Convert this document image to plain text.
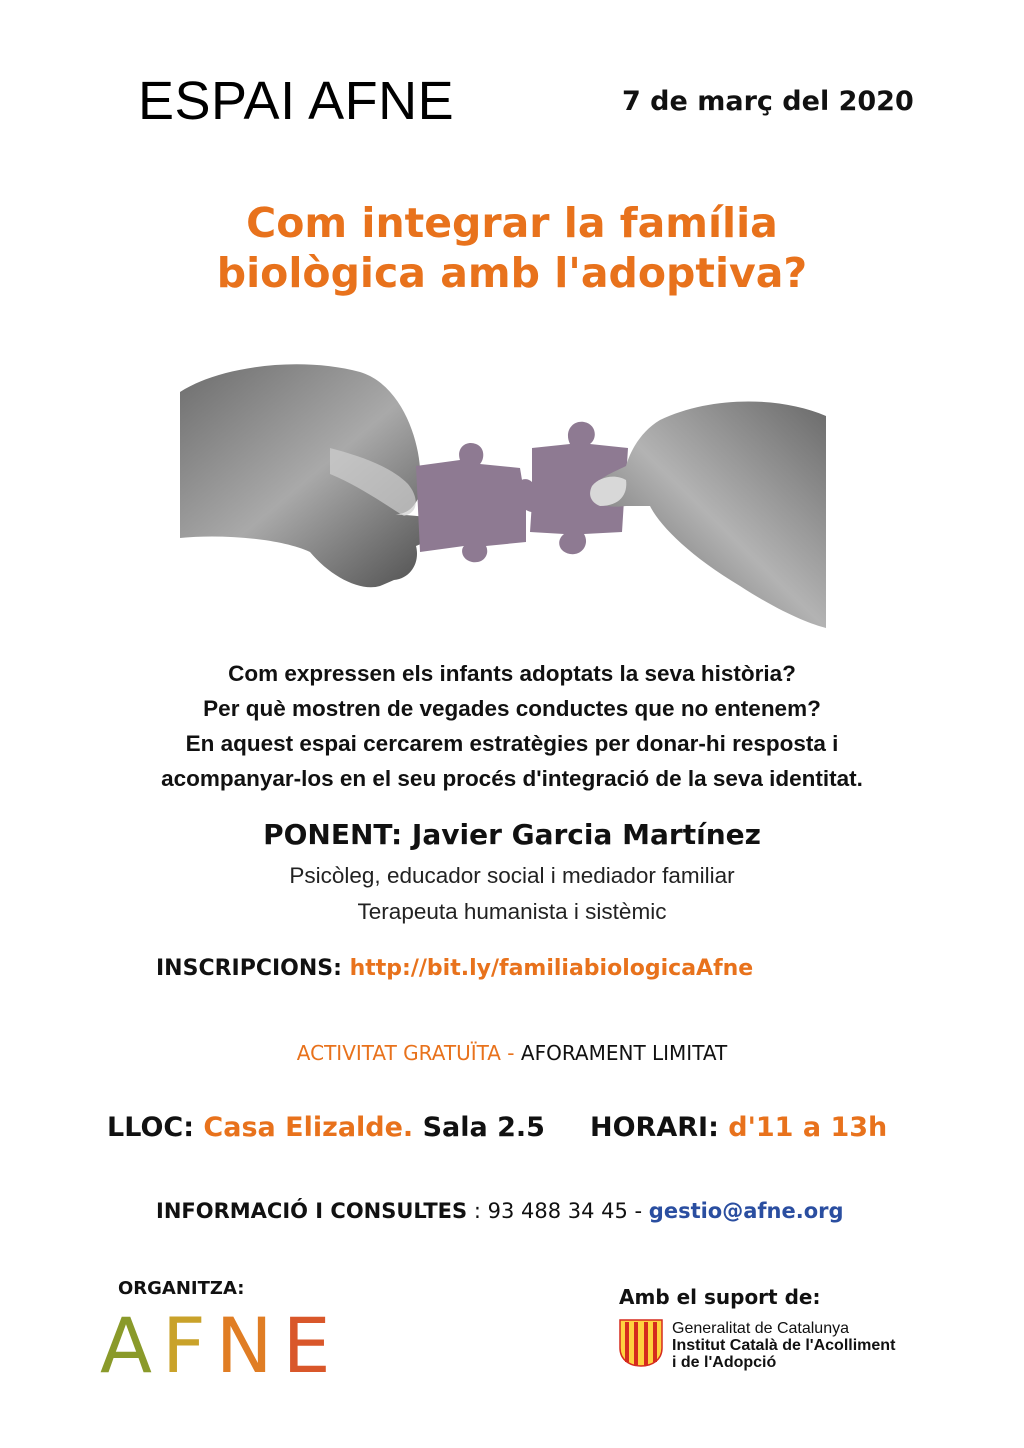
ESPAI AFNE	7 de març del 2020
Com integrar la família
biològica amb l'adoptiva?
Com expressen els infants adoptats la seva història?
Per què mostren de vegades conductes que no entenem?
En aquest espai cercarem estratègies per donar-hi resposta i
acompanyar-los en el seu procés d'integració de la seva identitat.
PONENT: Javier Garcia Martínez
Psicòleg, educador social i mediador familiar
Terapeuta humanista i sistèmic
INSCRIPCIONS: http://bit.ly/familiabiologicaAfne
ACTIVITAT GRATUÏTA - AFORAMENT LIMITAT
LLOC: Casa Elizalde. Sala 2.5 HORARI: d'11 a 13h
INFORMACIÓ I CONSULTES : 93 488 34 45 - gestio@afne.org
ORGANITZA:
AFNE
Amb el suport de:
Generalitat de Catalunya
Institut Català de l'Acolliment
i de l'Adopció
